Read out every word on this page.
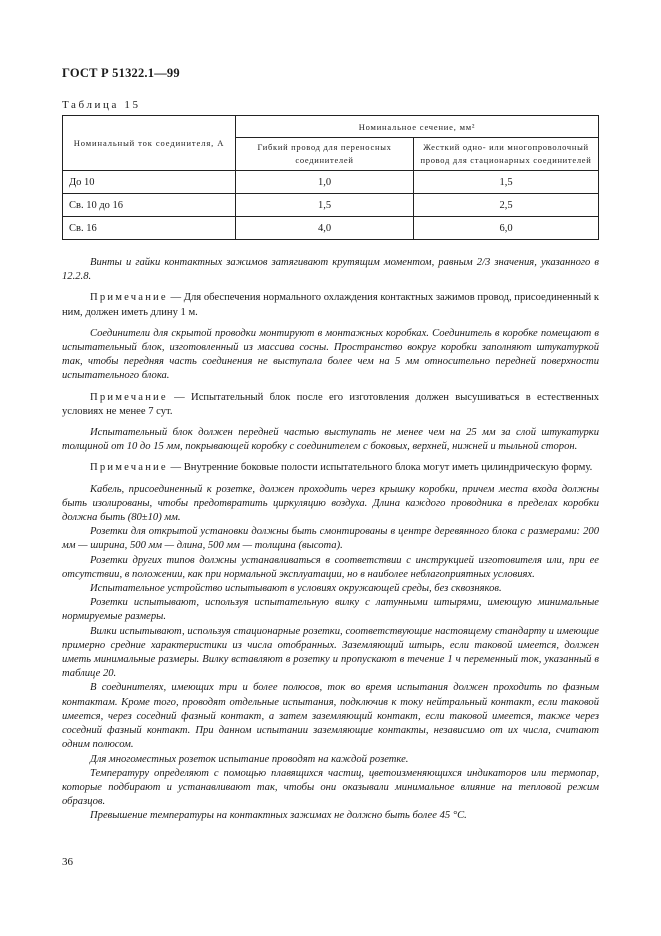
ГОСТ Р 51322.1—99
Таблица 15
Номинальный ток соединителя, А	Номинальное сечение, мм²	
	Гибкий провод для переносных соединителей	Жесткий одно- или многопроволочный провод для стационарных соединителей
До 10	1,0	1,5
Св. 10 до 16	1,5	2,5
Св. 16	4,0	6,0

Винты и гайки контактных зажимов затягивают крутящим моментом, равным 2/3 значения, указанного в 12.2.8.

Примечание — Для обеспечения нормального охлаждения контактных зажимов провод, присоединенный к ним, должен иметь длину 1 м.

Соединители для скрытой проводки монтируют в монтажных коробках. Соединитель в коробке помещают в испытательный блок, изготовленный из массива сосны. Пространство вокруг коробки заполняют штукатуркой так, чтобы передняя часть соединения не выступала более чем на 5 мм относительно передней поверхности испытательного блока.

Примечание — Испытательный блок после его изготовления должен высушиваться в естественных условиях не менее 7 сут.

Испытательный блок должен передней частью выступать не менее чем на 25 мм за слой штукатурки толщиной от 10 до 15 мм, покрывающей коробку с соединителем с боковых, верхней, нижней и тыльной сторон.

Примечание — Внутренние боковые полости испытательного блока могут иметь цилиндрическую форму.

Кабель, присоединенный к розетке, должен проходить через крышку коробки, причем места входа должны быть изолированы, чтобы предотвратить циркуляцию воздуха. Длина каждого проводника в пределах коробки должна быть (80±10) мм.

Розетки для открытой установки должны быть смонтированы в центре деревянного блока с размерами: 200 мм — ширина, 500 мм — длина, 500 мм — толщина (высота).

Розетки других типов должны устанавливаться в соответствии с инструкцией изготовителя или, при ее отсутствии, в положении, как при нормальной эксплуатации, но в наиболее неблагоприятных условиях.

Испытательное устройство испытывают в условиях окружающей среды, без сквозняков.

Розетки испытывают, используя испытательную вилку с латунными штырями, имеющую минимальные нормируемые размеры.

Вилки испытывают, используя стационарные розетки, соответствующие настоящему стандарту и имеющие примерно средние характеристики из числа отобранных. Заземляющий штырь, если таковой имеется, должен иметь минимальные размеры. Вилку вставляют в розетку и пропускают в течение 1 ч переменный ток, указанный в таблице 20.

В соединителях, имеющих три и более полюсов, ток во время испытания должен проходить по фазным контактам. Кроме того, проводят отдельные испытания, подключив к току нейтральный контакт, если таковой имеется, через соседний фазный контакт, а затем заземляющий контакт, если таковой имеется, также через соседний фазный контакт. При данном испытании заземляющие контакты, независимо от их числа, считают одним полюсом.

Для многоместных розеток испытание проводят на каждой розетке.

Температуру определяют с помощью плавящихся частиц, цветоизменяющихся индикаторов или термопар, которые подбирают и устанавливают так, чтобы они оказывали минимальное влияние на тепловой режим образцов.

Превышение температуры на контактных зажимах не должно быть более 45 °С.

36
